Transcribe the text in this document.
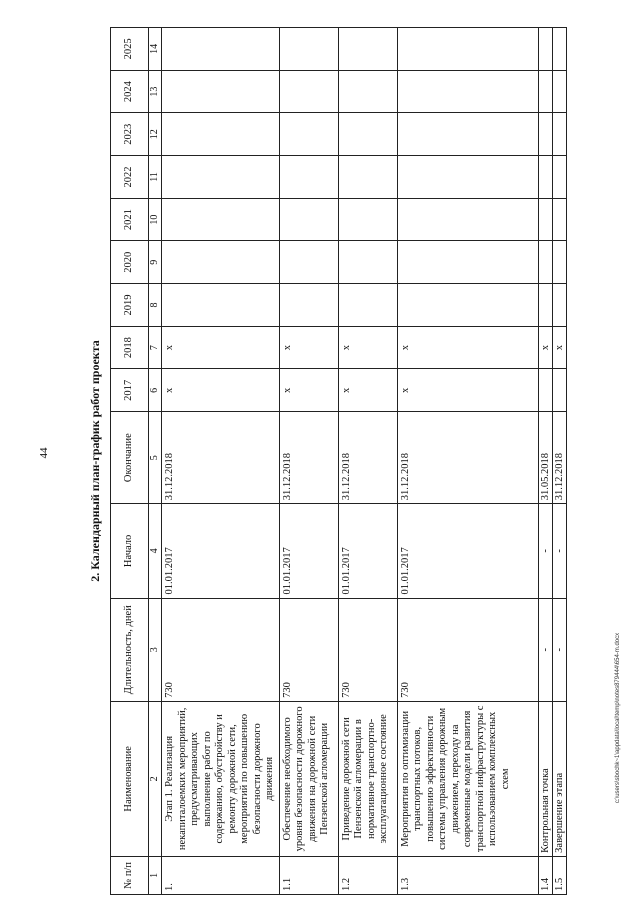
44
c:\users\sbochk~1\appdata\local\temp\notes879444\654-m.docx
2. Календарный план-график работ проекта
№ п/п	Наименование	Длительность, дней	Начало	Окончание	2017	2018	2019	2020	2021	2022	2023	2024	2025
1	2	3	4	5	6	7	8	9	10	11	12	13	14
1.	Этап 1. Реализация некапиталоемких мероприятий, предусматривающих выполнение работ по содержанию, обустройству и ремонту дорожной сети, мероприятий по повышению безопасности дорожного движения	730	01.01.2017	31.12.2018	x	x							
1.1	Обеспечение необходимого уровня безопасности дорожного движения на дорожной сети Пензенской агломерации	730	01.01.2017	31.12.2018	x	x							
1.2	Приведение дорожной сети Пензенской агломерации в нормативное транспортно-эксплуатационное состояние	730	01.01.2017	31.12.2018	x	x							
1.3	Мероприятия по оптимизации транспортных потоков, повышению эффективности системы управления дорожным движением, переходу на современные модели развития транспортной инфраструктуры с использованием комплексных схем	730	01.01.2017	31.12.2018	x	x							
1.4	Контрольная точка	-	-	31.05.2018		x							
1.5	Завершение этапа	-	-	31.12.2018		x							
